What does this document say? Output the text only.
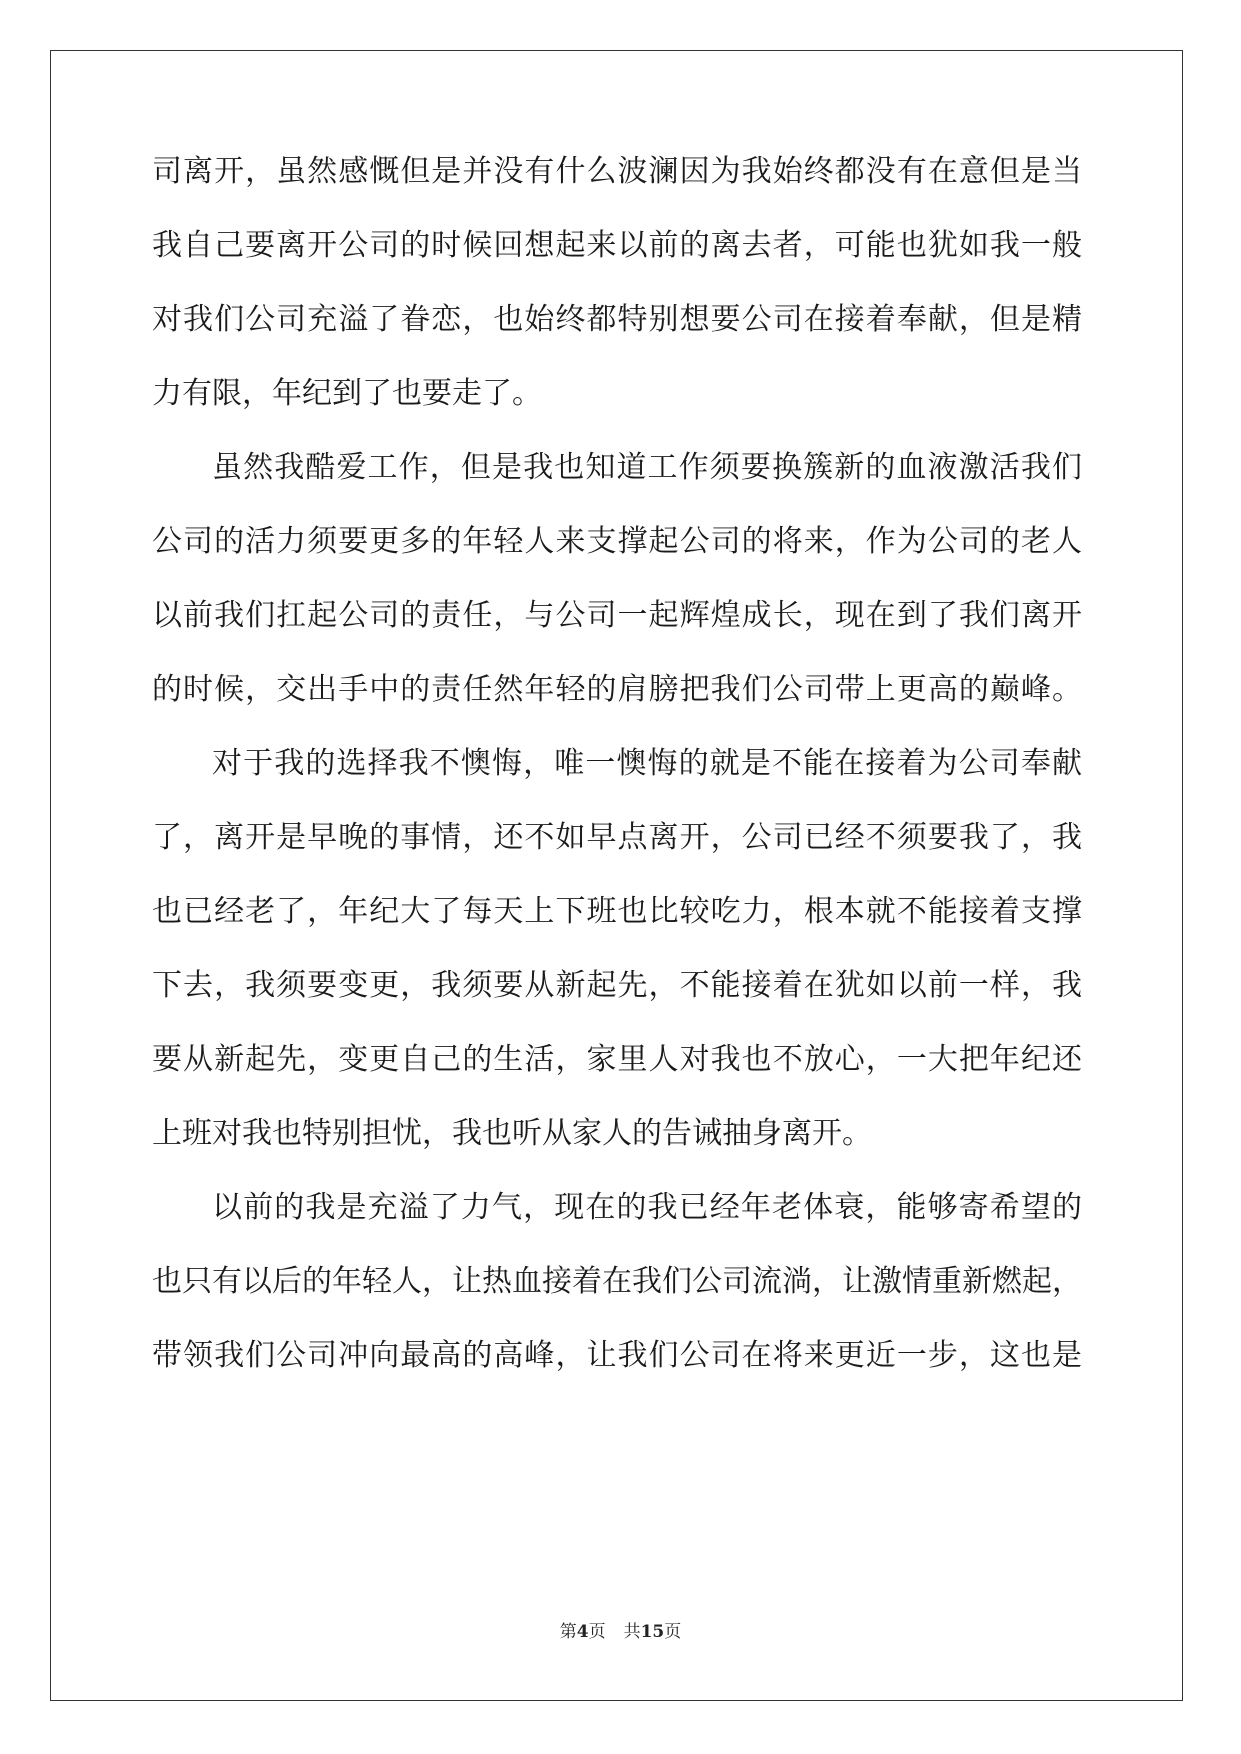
司离开，虽然感慨但是并没有什么波澜因为我始终都没有在意但是当
我自己要离开公司的时候回想起来以前的离去者，可能也犹如我一般
对我们公司充溢了眷恋，也始终都特别想要公司在接着奉献，但是精
力有限，年纪到了也要走了。
虽然我酷爱工作，但是我也知道工作须要换簇新的血液激活我们
公司的活力须要更多的年轻人来支撑起公司的将来，作为公司的老人
以前我们扛起公司的责任，与公司一起辉煌成长，现在到了我们离开
的时候，交出手中的责任然年轻的肩膀把我们公司带上更高的巅峰。
对于我的选择我不懊悔，唯一懊悔的就是不能在接着为公司奉献
了，离开是早晚的事情，还不如早点离开，公司已经不须要我了，我
也已经老了，年纪大了每天上下班也比较吃力，根本就不能接着支撑
下去，我须要变更，我须要从新起先，不能接着在犹如以前一样，我
要从新起先，变更自己的生活，家里人对我也不放心，一大把年纪还
上班对我也特别担忧，我也听从家人的告诫抽身离开。
以前的我是充溢了力气，现在的我已经年老体衰，能够寄希望的
也只有以后的年轻人，让热血接着在我们公司流淌，让激情重新燃起，
带领我们公司冲向最高的高峰，让我们公司在将来更近一步，这也是
第4页 共15页
